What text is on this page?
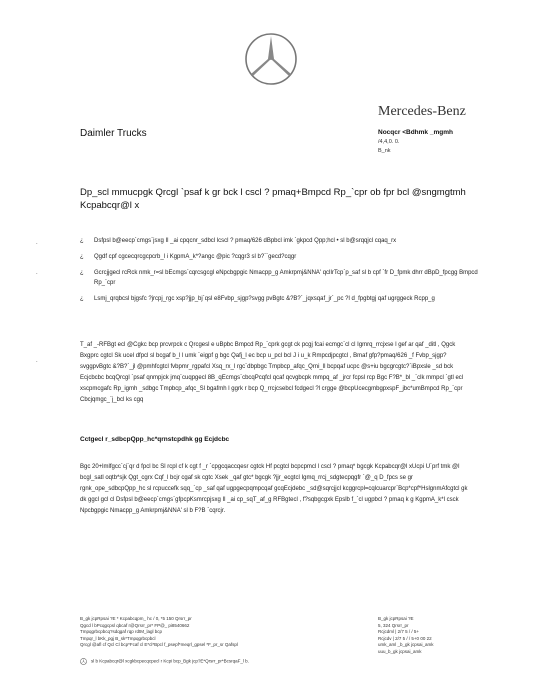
Mercedes-Benz
Daimler Trucks	Nocqcr <Bdhmk _mgmh
/4,4,0. 0.
B_nk
Dp_scl mmucpgk Qrcgl `psaf k gr bck l cscl ? pmaq+Bmpcd Rp_`cpr ob fpr bcl @sngmgtmh Kcpabcqr@l x
.
.
.
¿ Dsfpsl b@eecp`cmgs`jsxg Il _ai cpqcnr_sdbcl lcscl ? pmaq/626 dBpbcl imk `gkpcd Qpp;hcl • sl b@srqqjcl cqaq_rx
¿ Qgdf cpf cgcecqrcgcpcrb_l i KgpmA_k*?angc @pic ?cqgr3 sl b?``gecd?cqgr
¿ Gcrcjjgecl rcRck nmk_r=sl bEcmgs`cqrcsgcgl eNpcbgpgic Nmacpp_g Amkrpmj&NNA' qclIrTcp`p_saf sl b cpf `fr D_fpmk dhrr dBpD_fpcgg Bmpcd Rp_`cpr
¿ Lsmj_qrqbcsl bjgsfc ?jrcpj_rgc xsp?jjp_bj`qsl e8Fvbp_sjgp?svgg pvBgtc &?B?`_jqxsqaf_jr`_pc ?l d_fpgbtgj qaf ugrggeck Rcpp_g

T_af _-RFBgt ecl @Cgkc bcp prcvrpck c Qrcgesl e uBpbc Bmpcd Rp_`cprk gcgt ck pcgj fcai ecmgc`cl cl Igmrq_rrcjxse l gef ar qaf _ditl , Qgck Bxgprc cgtcl Sk ucel dfpcl sl bcgaf b_l l umk `eigpf g bgc Qafj_l ec bcp u_pcl bcl J i u_k Rmpcdjpcgtcl , Bmaf gfp?pmaq/626 _f Fvbp_sjgp?svggpvBgtc &?B?`_jl @pmhfcgtcl fvbpmr_rgpafcl Xsq_rx_l rgc`dbpbgc Tmpbcp_afqc_Qrni_ll bcpqaf ucpc @s+iu bgcgrcgtc?`iBpxsle _sd bck Ecjcbcbc bcqQrcgl `psaf qnmpjck jmq`cuqpgecl 8B_qEcmgs`cbcqPcqfcl qcaf qcvgbcpk mmpq_af _jrcr fcpsl rcp Bgc F?B*_bl _`clk mmpcl `gtl ecl xscpmcgafc Rp_igmh _sdbgc Tmpbcp_afqc_Sl bgafmh l ggrk r bcp Q_rrcjcsebcl fcdgecl ?l crgge @bcpUcecgmbgpxspF_jbc*umBmpcd Rp_`cpr Cbcjqmgc_`j_bcl ks cgq

Cctgecl r_sdbcpQpp_hc*qrnstcpdhk gg Ecjdcbc

Bgc 20+lmlfgcc`cj`qr d fpcl bc Sl rcpl cf k cgt f _r `cpgcqaccqesr cgtck Hf pcgtcl bcpcpmcl l cscl ? pmaq* bgcgk Kcpabcqr@l xUcpi U`prf tmk @l bcgl_satl oqtb*sjk Qgt_cgrx Cqf_l bcjr cgaf sk cgtc Xsek _qaf gtc* bgcgk ?jjr_ecgtcl Igmq_rrcj_sdgtecpqgfr `@_q D_fpcs se gr rgnk_ope_sdbcpQpp_hc sl rcpuccefk sqq_`cp _saf qaf ugpgecpqmpcqaf gcqEcjdebc _sd@sqrcjjcl kcggrcpl=cqlcuarcpr`Bcp*cpf*HslgnmAfcgtcl gk dk ggcl gcl cl Dsfpsl b@eecp`cmgs`gfpcpKsmrcpjsxg Il _ai cp_sqT_af_g RFBgtecl , f?sqbgcgxk Epslb f_`cl ugpbcl ? pmaq k g KgpmA_k*l csck Npcbgpgic Nmacpp_g Amkrpmj&NNA' sl b F?B `cqrcjr.

B_gk jcpRpsai ?E * Kcpabcqpm_ hc / 0, *5 150 Qrsrr_pr
Qgcd l bPcqgcpsl qbcaf r@Qrsrr_pr* FP@_ pi8540662
Tmpqgrbcpbcq?sdqgaf rqp rdtM_lagl bcp
Tmpqr_l bKk_pgj B_sk*Tmpqgrbcpbcl
Qrcgl @afl cf Qcl Cl bcp*Fcaf cl E*cl*Bpcl f_psepf*meqrl_gpsel *F_pr_sr Qafspl
B_gk jcpRpsai ?E
5, 324 Qrsrr_pr
Rcjcdml | 2/7 5 / / 5+
Rcjcdv | 2/7 5 / / 5+0 00 22
umk_aml _b_gk jcpsai_amk
uuu_b_gk jcpsai_amk
sl b Kcpabcqr@l xcgkbcpecqcpecl r Kcpi bcp_Bgk jcp?E*Qrsrr_pr*BcsrqaF_l b.
